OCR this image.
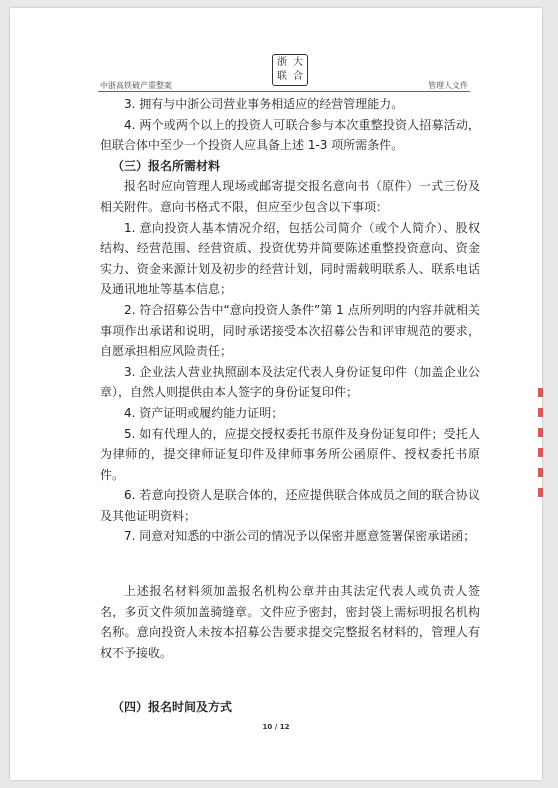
浙 大
联 合
中浙高铁破产重整案	管理人文件

3. 拥有与中浙公司营业事务相适应的经营管理能力。

4. 两个或两个以上的投资人可联合参与本次重整投资人招募活动，但联合体中至少一个投资人应具备上述 1-3 项所需条件。

（三）报名所需材料

报名时应向管理人现场或邮寄提交报名意向书（原件）一式三份及相关附件。意向书格式不限，但应至少包含以下事项：

1. 意向投资人基本情况介绍，包括公司简介（或个人简介）、股权结构、经营范围、经营资质、投资优势并简要陈述重整投资意向、资金实力、资金来源计划及初步的经营计划，同时需载明联系人、联系电话及通讯地址等基本信息；

2. 符合招募公告中“意向投资人条件”第 1 点所列明的内容并就相关事项作出承诺和说明，同时承诺接受本次招募公告和评审规范的要求，自愿承担相应风险责任；

3. 企业法人营业执照副本及法定代表人身份证复印件（加盖企业公章），自然人则提供由本人签字的身份证复印件；

4. 资产证明或履约能力证明；

5. 如有代理人的，应提交授权委托书原件及身份证复印件；受托人为律师的，提交律师证复印件及律师事务所公函原件、授权委托书原件。

6. 若意向投资人是联合体的，还应提供联合体成员之间的联合协议及其他证明资料；

7. 同意对知悉的中浙公司的情况予以保密并愿意签署保密承诺函；

上述报名材料须加盖报名机构公章并由其法定代表人或负责人签名，多页文件须加盖骑缝章。文件应予密封，密封袋上需标明报名机构名称。意向投资人未按本招募公告要求提交完整报名材料的，管理人有权不予接收。

（四）报名时间及方式

10 / 12
